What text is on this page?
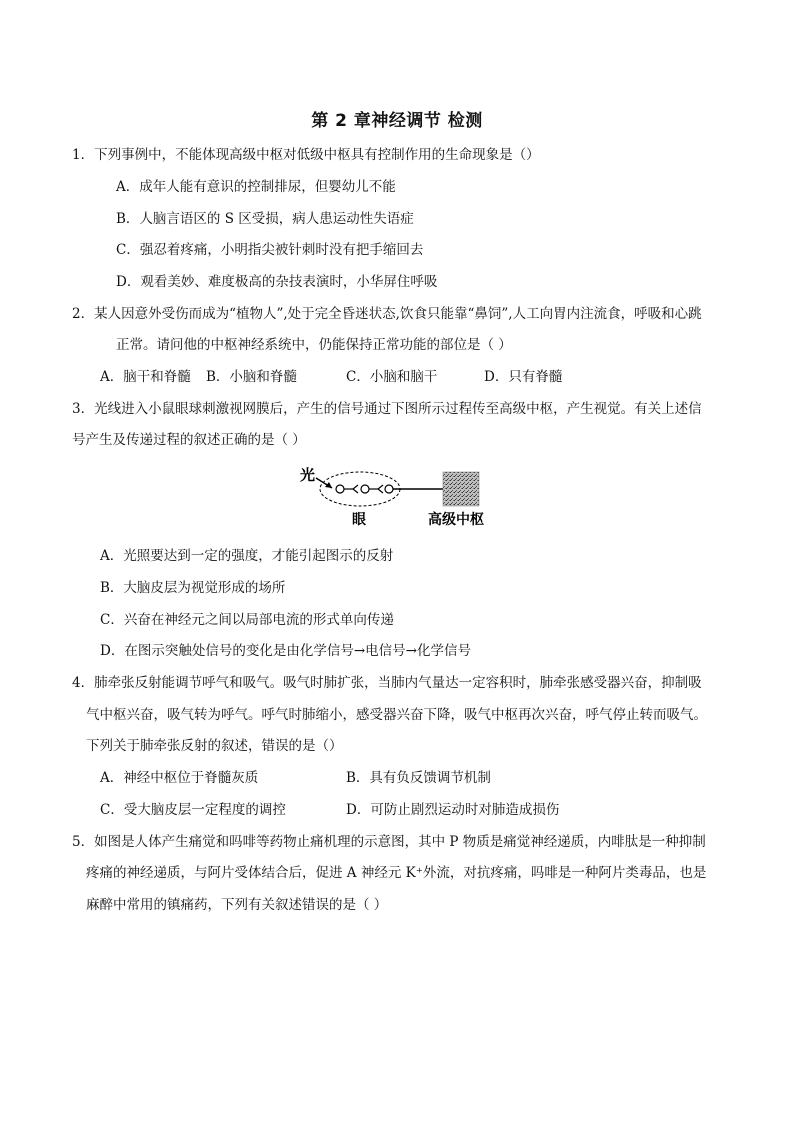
第 2 章神经调节 检测
1．下列事例中，不能体现高级中枢对低级中枢具有控制作用的生命现象是（）
A．成年人能有意识的控制排尿，但婴幼儿不能
B．人脑言语区的 S 区受损，病人患运动性失语症
C．强忍着疼痛，小明指尖被针刺时没有把手缩回去
D．观看美妙、难度极高的杂技表演时，小华屏住呼吸
2．某人因意外受伤而成为“植物人”,处于完全昏迷状态,饮食只能靠“鼻饲”,人工向胃内注流食，呼吸和心跳
正常。请问他的中枢神经系统中，仍能保持正常功能的部位是（ ）
A．脑干和脊髓 B．小脑和脊髓	C．小脑和脑干	D．只有脊髓
3．光线进入小鼠眼球刺激视网膜后，产生的信号通过下图所示过程传至高级中枢，产生视觉。有关上述信
号产生及传递过程的叙述正确的是（ ）
光
眼	高级中枢
A．光照要达到一定的强度，才能引起图示的反射
B．大脑皮层为视觉形成的场所
C．兴奋在神经元之间以局部电流的形式单向传递
D．在图示突触处信号的变化是由化学信号→电信号→化学信号
4．肺牵张反射能调节呼气和吸气。吸气时肺扩张，当肺内气量达一定容积时，肺牵张感受器兴奋，抑制吸
气中枢兴奋，吸气转为呼气。呼气时肺缩小，感受器兴奋下降，吸气中枢再次兴奋，呼气停止转而吸气。
下列关于肺牵张反射的叙述，错误的是（）
A．神经中枢位于脊髓灰质	B．具有负反馈调节机制
C．受大脑皮层一定程度的调控	D．可防止剧烈运动时对肺造成损伤
5．如图是人体产生痛觉和吗啡等药物止痛机理的示意图，其中 P 物质是痛觉神经递质，内啡肽是一种抑制
疼痛的神经递质，与阿片受体结合后，促进 A 神经元 K⁺外流，对抗疼痛，吗啡是一种阿片类毒品，也是
麻醉中常用的镇痛药，下列有关叙述错误的是（ ）
